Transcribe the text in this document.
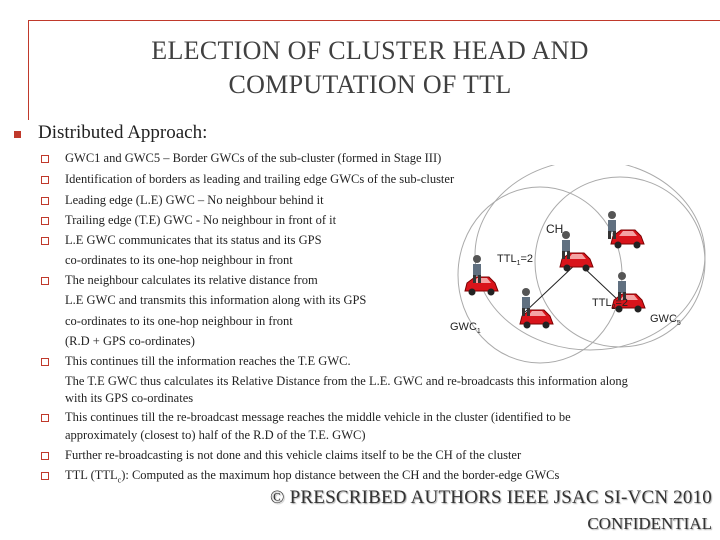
ELECTION OF CLUSTER HEAD AND
COMPUTATION OF TTL
Distributed Approach:
GWC1 and GWC5 – Border GWCs of the sub-cluster (formed in Stage III)
Identification of borders as leading and trailing edge GWCs of the sub-cluster
Leading edge (L.E) GWC – No neighbour behind it
Trailing edge (T.E) GWC - No neighbour in front of it
L.E GWC communicates that its status and its GPS
co-ordinates to its one-hop neighbour in front
The neighbour calculates its relative distance from
L.E GWC and transmits this information along with its GPS
co-ordinates to its one-hop neighbour in front
(R.D + GPS co-ordinates)
This continues till the information reaches the T.E GWC.
The T.E GWC thus calculates its Relative Distance from the L.E. GWC and re-broadcasts this information along
with its GPS co-ordinates
This continues till the re-broadcast message reaches the middle vehicle in the cluster (identified to be
approximately (closest to) half of the R.D of the T.E. GWC)
Further re-broadcasting is not done and this vehicle claims itself to be the CH of the cluster
TTL $(TTL_c)$: Computed as the maximum hop distance between the CH and the border-edge GWCs
CH
$TTL_1=2$
$TTL_2=2$
$GWC_1$
$GWC_5$
© PRESCRIBED AUTHORS IEEE JSAC SI-VCN 2010
CONFIDENTIAL
